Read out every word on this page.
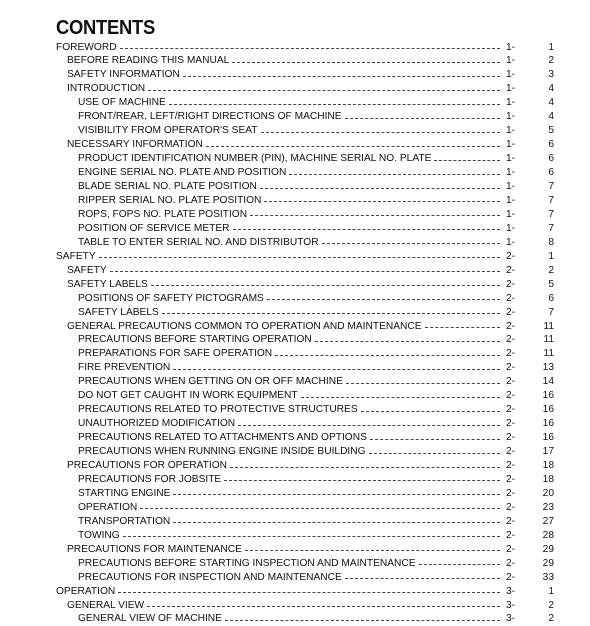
CONTENTS
FOREWORD	1-	1
BEFORE READING THIS MANUAL	1-	2
SAFETY INFORMATION	1-	3
INTRODUCTION	1-	4
USE OF MACHINE	1-	4
FRONT/REAR, LEFT/RIGHT DIRECTIONS OF MACHINE	1-	4
VISIBILITY FROM OPERATOR'S SEAT	1-	5
NECESSARY INFORMATION	1-	6
PRODUCT IDENTIFICATION NUMBER (PIN), MACHINE SERIAL NO. PLATE	1-	6
ENGINE SERIAL NO. PLATE AND POSITION	1-	6
BLADE SERIAL NO. PLATE POSITION	1-	7
RIPPER SERIAL NO. PLATE POSITION	1-	7
ROPS, FOPS NO. PLATE POSITION	1-	7
POSITION OF SERVICE METER	1-	7
TABLE TO ENTER SERIAL NO. AND DISTRIBUTOR	1-	8
SAFETY	2-	1
SAFETY	2-	2
SAFETY LABELS	2-	5
POSITIONS OF SAFETY PICTOGRAMS	2-	6
SAFETY LABELS	2-	7
GENERAL PRECAUTIONS COMMON TO OPERATION AND MAINTENANCE	2-	11
PRECAUTIONS BEFORE STARTING OPERATION	2-	11
PREPARATIONS FOR SAFE OPERATION	2-	11
FIRE PREVENTION	2-	13
PRECAUTIONS WHEN GETTING ON OR OFF MACHINE	2-	14
DO NOT GET CAUGHT IN WORK EQUIPMENT	2-	16
PRECAUTIONS RELATED TO PROTECTIVE STRUCTURES	2-	16
UNAUTHORIZED MODIFICATION	2-	16
PRECAUTIONS RELATED TO ATTACHMENTS AND OPTIONS	2-	16
PRECAUTIONS WHEN RUNNING ENGINE INSIDE BUILDING	2-	17
PRECAUTIONS FOR OPERATION	2-	18
PRECAUTIONS FOR JOBSITE	2-	18
STARTING ENGINE	2-	20
OPERATION	2-	23
TRANSPORTATION	2-	27
TOWING	2-	28
PRECAUTIONS FOR MAINTENANCE	2-	29
PRECAUTIONS BEFORE STARTING INSPECTION AND MAINTENANCE	2-	29
PRECAUTIONS FOR INSPECTION AND MAINTENANCE	2-	33
OPERATION	3-	1
GENERAL VIEW	3-	2
GENERAL VIEW OF MACHINE	3-	2
